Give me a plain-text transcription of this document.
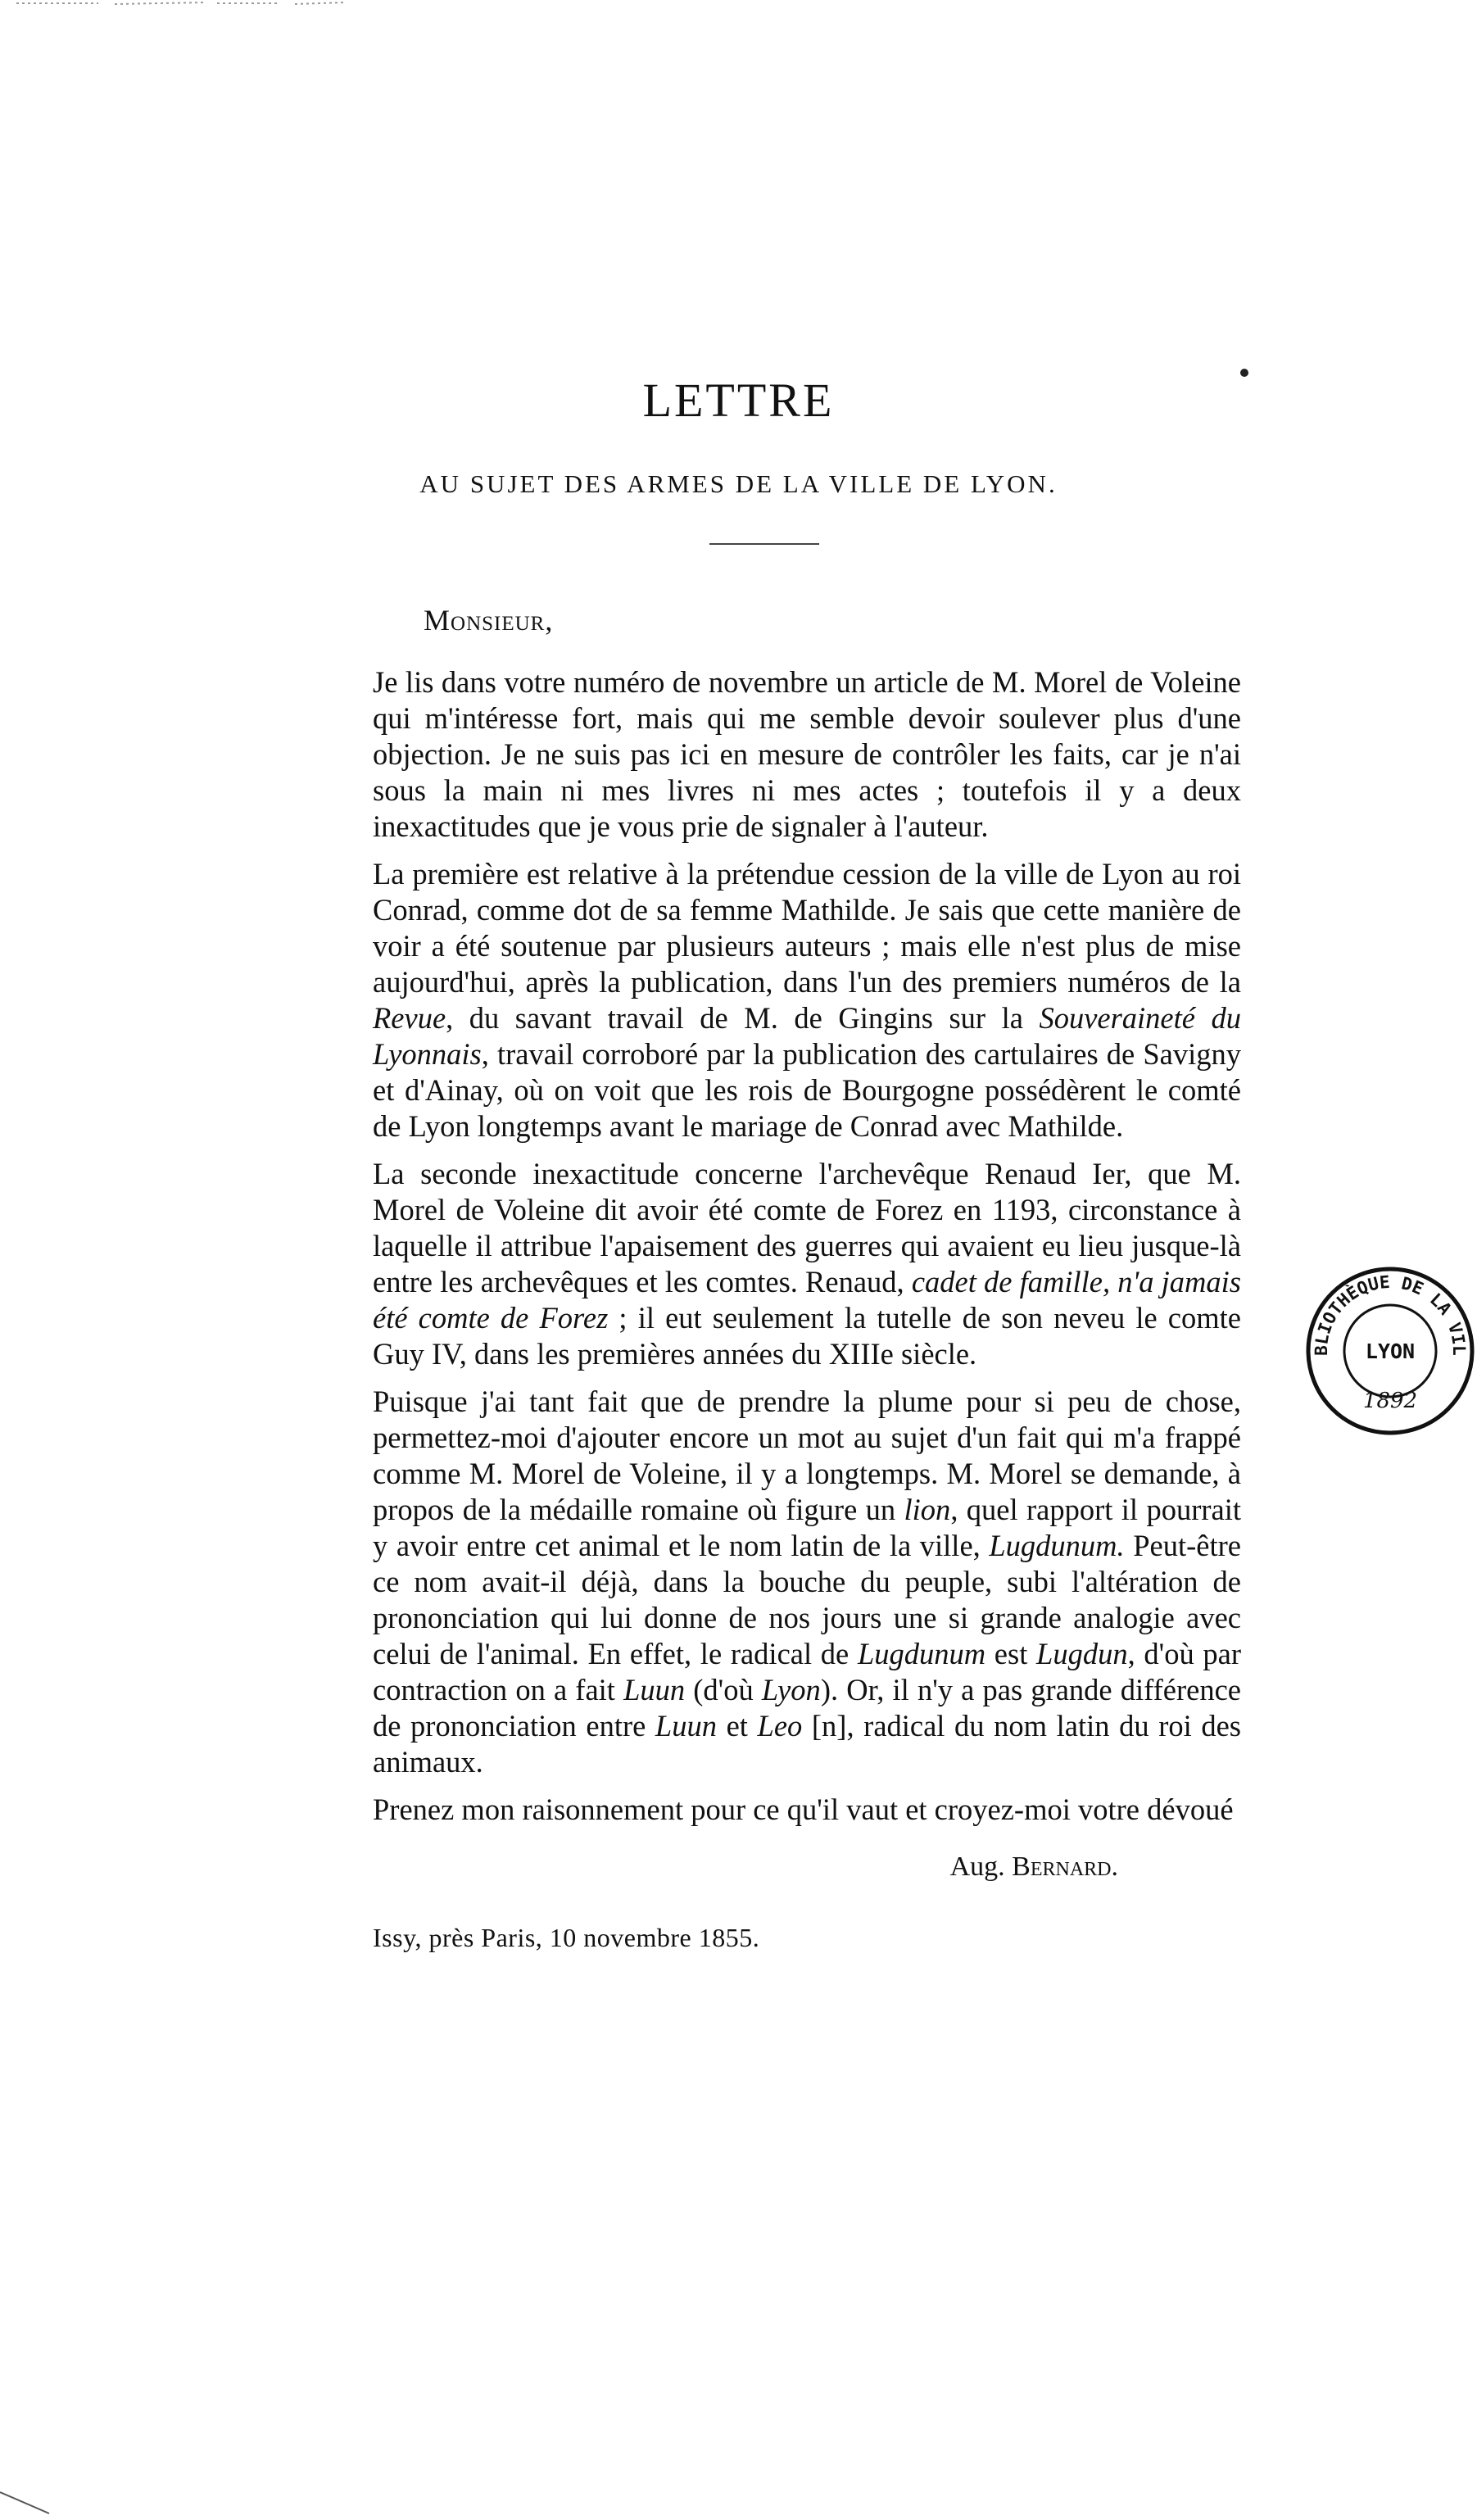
LETTRE
AU SUJET DES ARMES DE LA VILLE DE LYON.

Monsieur,

Je lis dans votre numéro de novembre un article de M. Morel de Voleine qui m'intéresse fort, mais qui me semble devoir soulever plus d'une objection. Je ne suis pas ici en mesure de contrôler les faits, car je n'ai sous la main ni mes livres ni mes actes ; toutefois il y a deux inexactitudes que je vous prie de signaler à l'auteur.

La première est relative à la prétendue cession de la ville de Lyon au roi Conrad, comme dot de sa femme Mathilde. Je sais que cette manière de voir a été soutenue par plusieurs auteurs ; mais elle n'est plus de mise aujourd'hui, après la publication, dans l'un des premiers numéros de la Revue, du savant travail de M. de Gingins sur la Souveraineté du Lyonnais, travail corroboré par la publication des cartulaires de Savigny et d'Ainay, où on voit que les rois de Bourgogne possédèrent le comté de Lyon longtemps avant le mariage de Conrad avec Mathilde.

La seconde inexactitude concerne l'archevêque Renaud Ier, que M. Morel de Voleine dit avoir été comte de Forez en 1193, circonstance à laquelle il attribue l'apaisement des guerres qui avaient eu lieu jusque-là entre les archevêques et les comtes. Renaud, cadet de famille, n'a jamais été comte de Forez ; il eut seulement la tutelle de son neveu le comte Guy IV, dans les premières années du XIIIe siècle.

Puisque j'ai tant fait que de prendre la plume pour si peu de chose, permettez-moi d'ajouter encore un mot au sujet d'un fait qui m'a frappé comme M. Morel de Voleine, il y a longtemps. M. Morel se demande, à propos de la médaille romaine où figure un lion, quel rapport il pourrait y avoir entre cet animal et le nom latin de la ville, Lugdunum. Peut-être ce nom avait-il déjà, dans la bouche du peuple, subi l'altération de prononciation qui lui donne de nos jours une si grande analogie avec celui de l'animal. En effet, le radical de Lugdunum est Lugdun, d'où par contraction on a fait Luun (d'où Lyon). Or, il n'y a pas grande différence de prononciation entre Luun et Leo [n], radical du nom latin du roi des animaux.

Prenez mon raisonnement pour ce qu'il vaut et croyez-moi votre dévoué

Aug. Bernard.

Issy, près Paris, 10 novembre 1855.

BLIOTHÈQUE DE LA VIL
LYON
1892
